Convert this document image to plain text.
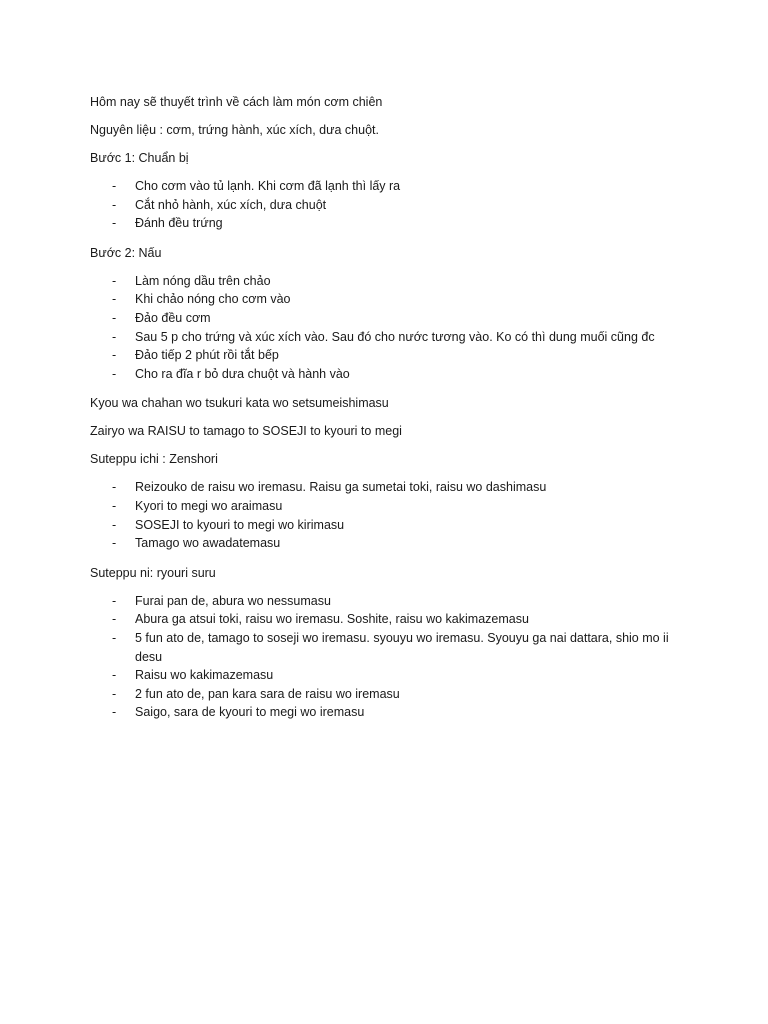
Hôm nay sẽ thuyết trình về cách làm món cơm chiên

Nguyên liệu : cơm, trứng hành, xúc xích, dưa chuột.

Bước 1: Chuẩn bị

- Cho cơm vào tủ lạnh. Khi cơm đã lạnh thì lấy ra
- Cắt nhỏ hành, xúc xích, dưa chuột
- Đánh đều trứng

Bước 2: Nấu

- Làm nóng dầu trên chảo
- Khi chảo nóng cho cơm vào
- Đảo đều cơm
- Sau 5 p cho trứng và xúc xích vào. Sau đó cho nước tương vào. Ko có thì dung muối cũng đc
- Đảo tiếp 2 phút rồi tắt bếp
- Cho ra đĩa r bỏ dưa chuột và hành vào

Kyou wa chahan wo tsukuri kata wo setsumeishimasu

Zairyo wa RAISU to tamago to SOSEJI to kyouri to megi

Suteppu ichi : Zenshori

- Reizouko de raisu wo iremasu. Raisu ga sumetai toki, raisu wo dashimasu
- Kyori to megi wo araimasu
- SOSEJI to kyouri to megi wo kirimasu
- Tamago wo awadatemasu

Suteppu ni: ryouri suru

- Furai pan de, abura wo nessumasu
- Abura ga atsui toki, raisu wo iremasu. Soshite, raisu wo kakimazemasu
- 5 fun ato de, tamago to soseji wo iremasu. syouyu wo iremasu. Syouyu ga nai dattara, shio mo ii desu
- Raisu wo kakimazemasu
- 2 fun ato de, pan kara sara de raisu wo iremasu
- Saigo, sara de kyouri to megi wo iremasu
